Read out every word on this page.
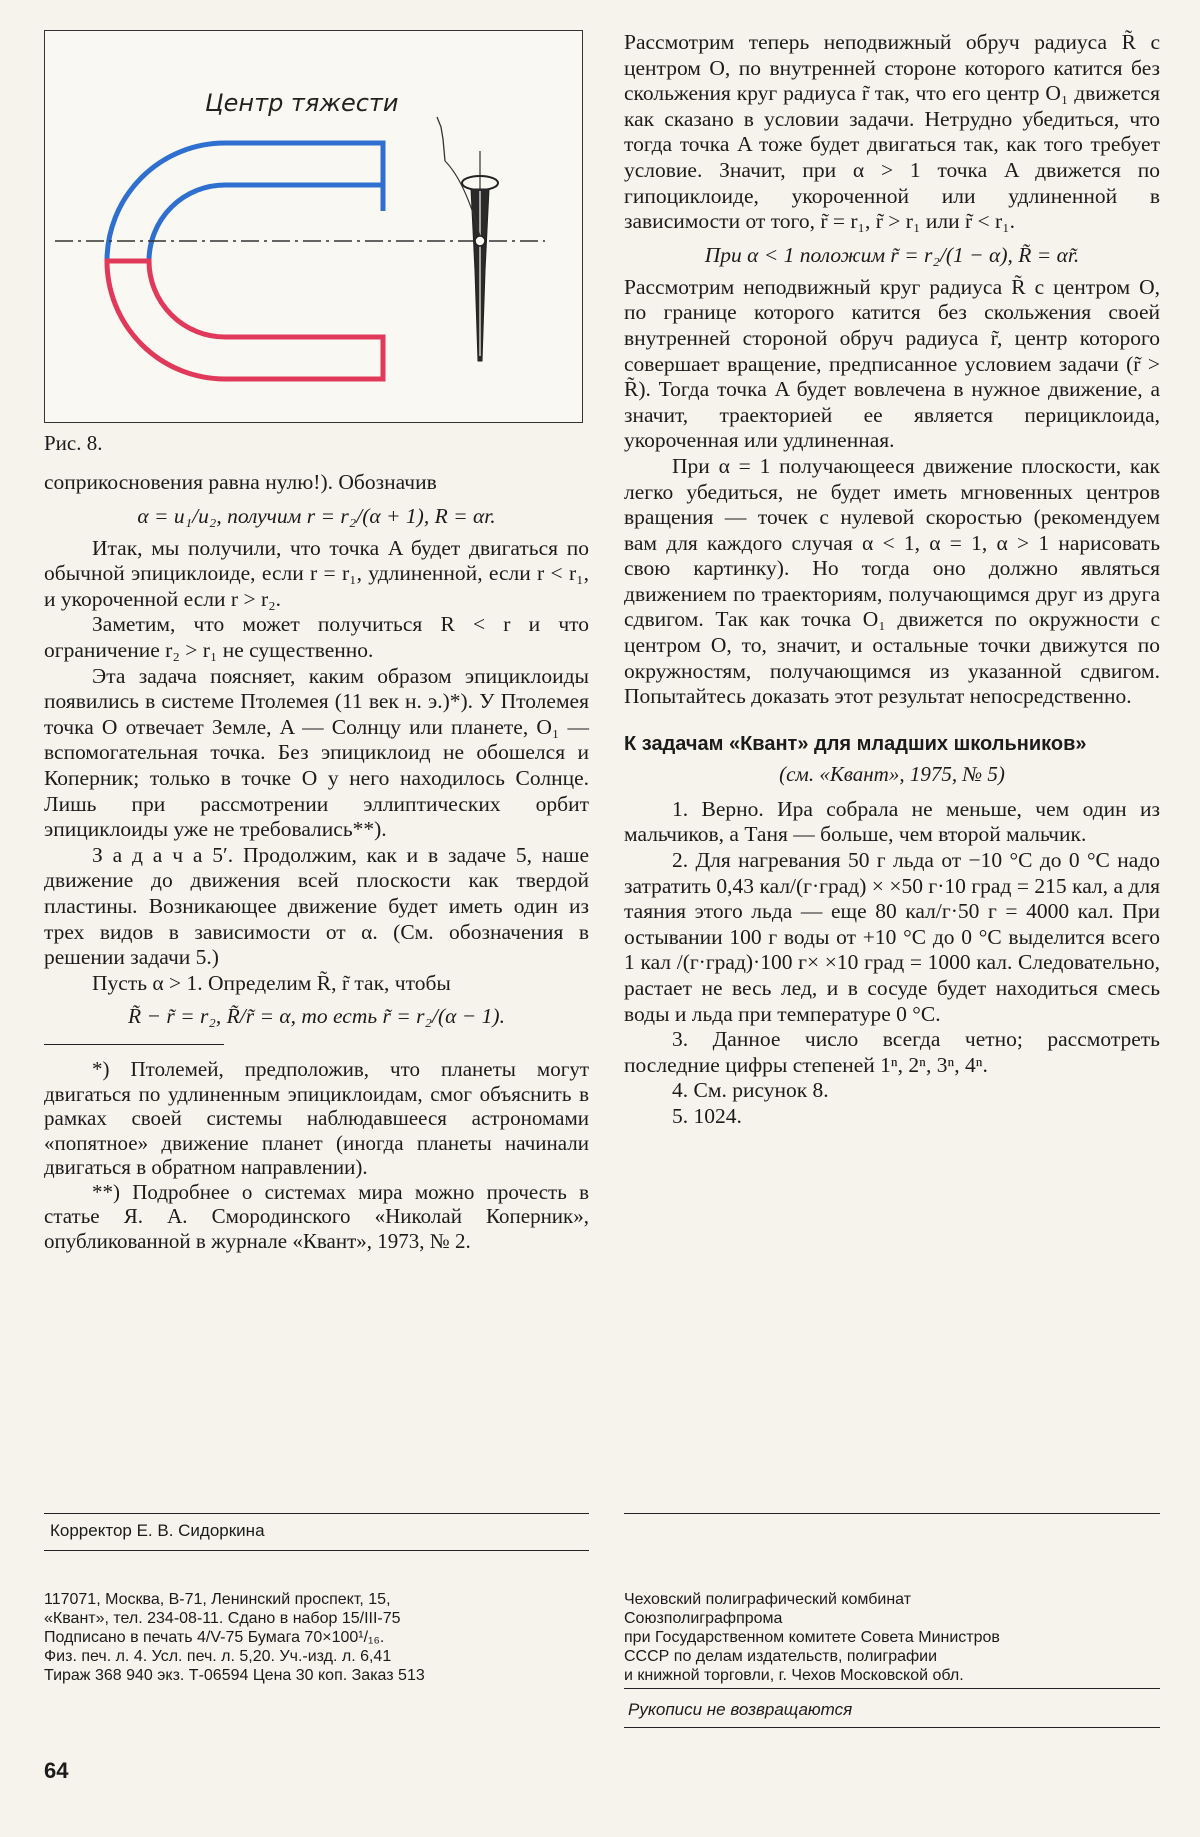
Центр тяжести
Рис. 8.

соприкосновения равна нулю!). Обозначив

α = u₁/u₂, получим r = r₂/(α + 1), R = αr.

Итак, мы получили, что точка A будет двигаться по обычной эпициклоиде, если r = r₁, удлиненной, если r < r₁, и укороченной если r > r₂.

Заметим, что может получиться R < r и что ограничение r₂ > r₁ не существенно.

Эта задача поясняет, каким образом эпициклоиды появились в системе Птолемея (11 век н. э.)*). У Птолемея точка O отвечает Земле, A — Солнцу или планете, O₁ — вспомогательная точка. Без эпициклоид не обошелся и Коперник; только в точке O у него находилось Солнце. Лишь при рассмотрении эллиптических орбит эпициклоиды уже не требовались**).

З а д а ч а 5′. Продолжим, как и в задаче 5, наше движение до движения всей плоскости как твердой пластины. Возникающее движение будет иметь один из трех видов в зависимости от α. (См. обозначения в решении задачи 5.)

Пусть α > 1. Определим R̃, r̃ так, чтобы

R̃ − r̃ = r₂, R̃/r̃ = α, то есть r̃ = r₂/(α − 1).

*) Птолемей, предположив, что планеты могут двигаться по удлиненным эпициклоидам, смог объяснить в рамках своей системы наблюдавшееся астрономами «попятное» движение планет (иногда планеты начинали двигаться в обратном направлении).

**) Подробнее о системах мира можно прочесть в статье Я. А. Смородинского «Николай Коперник», опубликованной в журнале «Квант», 1973, № 2.

Рассмотрим теперь неподвижный обруч радиуса R̃ с центром O, по внутренней стороне которого катится без скольжения круг радиуса r̃ так, что его центр O₁ движется как сказано в условии задачи. Нетрудно убедиться, что тогда точка A тоже будет двигаться так, как того требует условие. Значит, при α > 1 точка A движется по гипоциклоиде, укороченной или удлиненной в зависимости от того, r̃ = r₁, r̃ > r₁ или r̃ < r₁.

При α < 1 положим r̃ = r₂/(1 − α), R̃ = αr̃.

Рассмотрим неподвижный круг радиуса R̃ с центром O, по границе которого катится без скольжения своей внутренней стороной обруч радиуса r̃, центр которого совершает вращение, предписанное условием задачи (r̃ > R̃). Тогда точка A будет вовлечена в нужное движение, а значит, траекторией ее является перициклоида, укороченная или удлиненная.

При α = 1 получающееся движение плоскости, как легко убедиться, не будет иметь мгновенных центров вращения — точек с нулевой скоростью (рекомендуем вам для каждого случая α < 1, α = 1, α > 1 нарисовать свою картинку). Но тогда оно должно являться движением по траекториям, получающимся друг из друга сдвигом. Так как точка O₁ движется по окружности с центром O, то, значит, и остальные точки движутся по окружностям, получающимся из указанной сдвигом. Попытайтесь доказать этот результат непосредственно.

К задачам «Квант» для младших школьников»
(см. «Квант», 1975, № 5)

1. Верно. Ира собрала не меньше, чем один из мальчиков, а Таня — больше, чем второй мальчик.

2. Для нагревания 50 г льда от −10 °C до 0 °C надо затратить 0,43 кал/(г·град) × ×50 г·10 град = 215 кал, а для таяния этого льда — еще 80 кал/г·50 г = 4000 кал. При остывании 100 г воды от +10 °C до 0 °C выделится всего 1 кал /(г·град)·100 г× ×10 град = 1000 кал. Следовательно, растает не весь лед, и в сосуде будет находиться смесь воды и льда при температуре 0 °C.

3. Данное число всегда четно; рассмотреть последние цифры степеней 1ⁿ, 2ⁿ, 3ⁿ, 4ⁿ.

4. См. рисунок 8.

5. 1024.

Корректор Е. В. Сидоркина

117071, Москва, В-71, Ленинский проспект, 15,

«Квант», тел. 234-08-11. Сдано в набор 15/III-75

Подписано в печать 4/V-75 Бумага 70×100¹/₁₆.

Физ. печ. л. 4. Усл. печ. л. 5,20. Уч.-изд. л. 6,41

Тираж 368 940 экз. Т-06594 Цена 30 коп. Заказ 513

Чеховский полиграфический комбинат

Союзполиграфпрома

при Государственном комитете Совета Министров

СССР по делам издательств, полиграфии

и книжной торговли, г. Чехов Московской обл.

Рукописи не возвращаются
64
